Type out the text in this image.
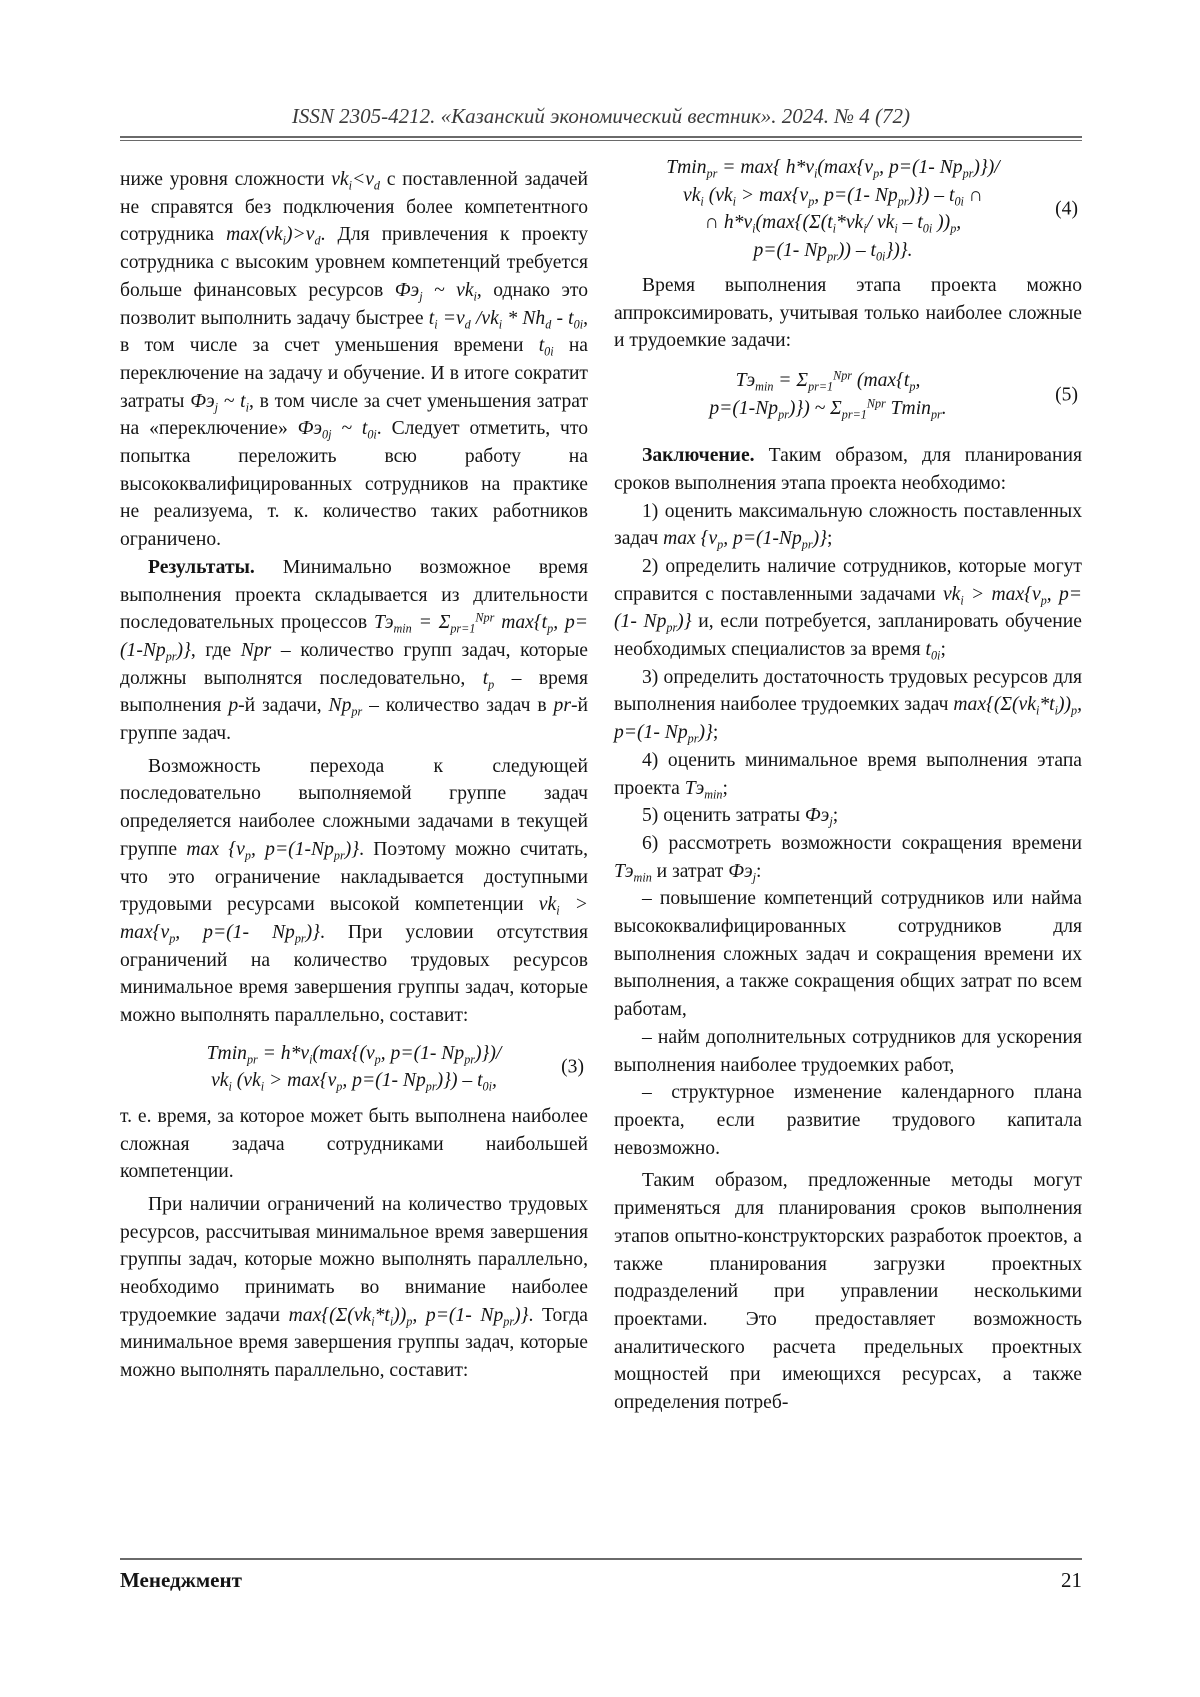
ISSN 2305-4212. «Казанский экономический вестник». 2024. № 4 (72)

ниже уровня сложности $vk_i<v_d$ с поставленной задачей не справятся без подключения более компетентного сотрудника $\max(vk_i)>v_d$. Для привлечения к проекту сотрудника с высоким уровнем компетенций требуется больше финансовых ресурсов $Фэ_j$ ~ $vk_i$, однако это позволит выполнить задачу быстрее $t_i =v_d$ $/vk_i * Nh_d - t_{0i}$, в том числе за счет уменьшения времени $t_{0i}$ на переключение на задачу и обучение. И в итоге сократит затраты $Фэ_j$ ~ $t_i$, в том числе за счет уменьшения затрат на «переключение» $Фэ_{0j}$ ~ $t_{0i}$. Следует отметить, что попытка переложить всю работу на высококвалифицированных сотрудников на практике не реализуема, т. к. количество таких работников ограничено.

Результаты. Минимально возможное время выполнения проекта складывается из длительности последовательных процессов $Тэ_{min} = \Sigma_{pr=1}^{Npr}$ $\max\{t_p$, $p=(1-Np_{pr})$}, где Npr – количество групп задач, которые должны выполнятся последовательно, $t_p$ – время выполнения p-й задачи, $Np_{pr}$ – количество задач в pr-й группе задач.

Возможность перехода к следующей последовательно выполняемой группе задач определяется наиболее сложными задачами в текущей группе $\max \{v_p$, $p=(1-Np_{pr})$}. Поэтому можно считать, что это ограничение накладывается доступными трудовыми ресурсами высокой компетенции $vk_i > \max\{v_p$, p=(1- $Np_{pr}$)}. При условии отсутствия ограничений на количество трудовых ресурсов минимальное время завершения группы задач, которые можно выполнять параллельно, составит:

$Tmin_{pr} = h*v_i(\max\{(v_p$, p=(1- $Np_{pr})\})/$
$vk_i$ ($vk_i > \max\{v_p$, p=(1- $Np_{pr})\}) - t_{0i}$,
(3)

т. е. время, за которое может быть выполнена наиболее сложная задача сотрудниками наибольшей компетенции.

При наличии ограничений на количество трудовых ресурсов, рассчитывая минимальное время завершения группы задач, которые можно выполнять параллельно, необходимо принимать во внимание наиболее трудоемкие задачи $\max\{(\Sigma(vk_i*t_i))_p$, p=(1- $Np_{pr}$)}. Тогда минимальное время завершения группы задач, которые можно выполнять параллельно, составит:

Tmin$_{pr}$ = max{ $h*v_i(\max\{v_p$, p=(1- $Np_{pr})\})/$
$vk_i$ ($vk_i > \max\{v_p$, p=(1- $Np_{pr})\}) - t_{0i}$ ∩
∩ $h*v_i(\max\{(\Sigma(t_i*vk_i/$ $vk_i - t_{0i}$ ))$_p$,
p=(1- $Np_{pr})) - t_{0i}$})}.
(4)

Время выполнения этапа проекта можно аппроксимировать, учитывая только наиболее сложные и трудоемкие задачи:

$Тэ_{min} = \Sigma_{pr=1}^{Npr}$ ($\max\{t_p$,
$p=(1-Np_{pr})$}) ~ $\Sigma_{pr=1}^{Npr}$ Tmin$_{pr}$.
(5)

Заключение. Таким образом, для планирования сроков выполнения этапа проекта необходимо:

1) оценить максимальную сложность поставленных задач $\max \{v_p$, $p=(1-Np_{pr})$};

2) определить наличие сотрудников, которые могут справится с поставленными задачами $vk_i > \max\{v_p$, p=(1- $Np_{pr}$)} и, если потребуется, запланировать обучение необходимых специалистов за время $t_{0i}$;

3) определить достаточность трудовых ресурсов для выполнения наиболее трудоемких задач $\max\{(\Sigma(vk_i*t_i))_p$, p=(1- $Np_{pr}$)};

4) оценить минимальное время выполнения этапа проекта $Тэ_{min}$;

5) оценить затраты $Фэ_j$;

6) рассмотреть возможности сокращения времени $Тэ_{min}$ и затрат $Фэ_j$:

– повышение компетенций сотрудников или найма высококвалифицированных сотрудников для выполнения сложных задач и сокращения времени их выполнения, а также сокращения общих затрат по всем работам,

– найм дополнительных сотрудников для ускорения выполнения наиболее трудоемких работ,

– структурное изменение календарного плана проекта, если развитие трудового капитала невозможно.

Таким образом, предложенные методы могут применяться для планирования сроков выполнения этапов опытно-конструкторских разработок проектов, а также планирования загрузки проектных подразделений при управлении несколькими проектами. Это предоставляет возможность аналитического расчета предельных проектных мощностей при имеющихся ресурсах, а также определения потреб-

Менеджмент	21
